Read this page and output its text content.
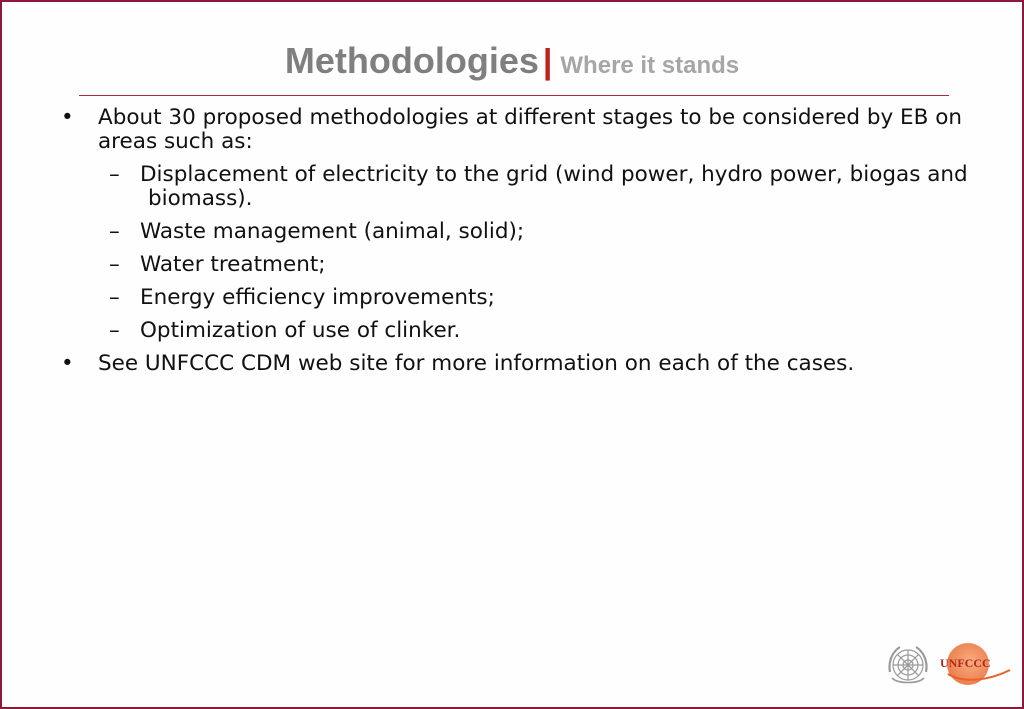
Methodologies | Where it stands
• About 30 proposed methodologies at different stages to be considered by EB on areas such as:
– Displacement of electricity to the grid (wind power, hydro power, biogas and biomass).
– Waste management (animal, solid);
– Water treatment;
– Energy efficiency improvements;
– Optimization of use of clinker.
• See UNFCCC CDM web site for more information on each of the cases.
UNFCCC
